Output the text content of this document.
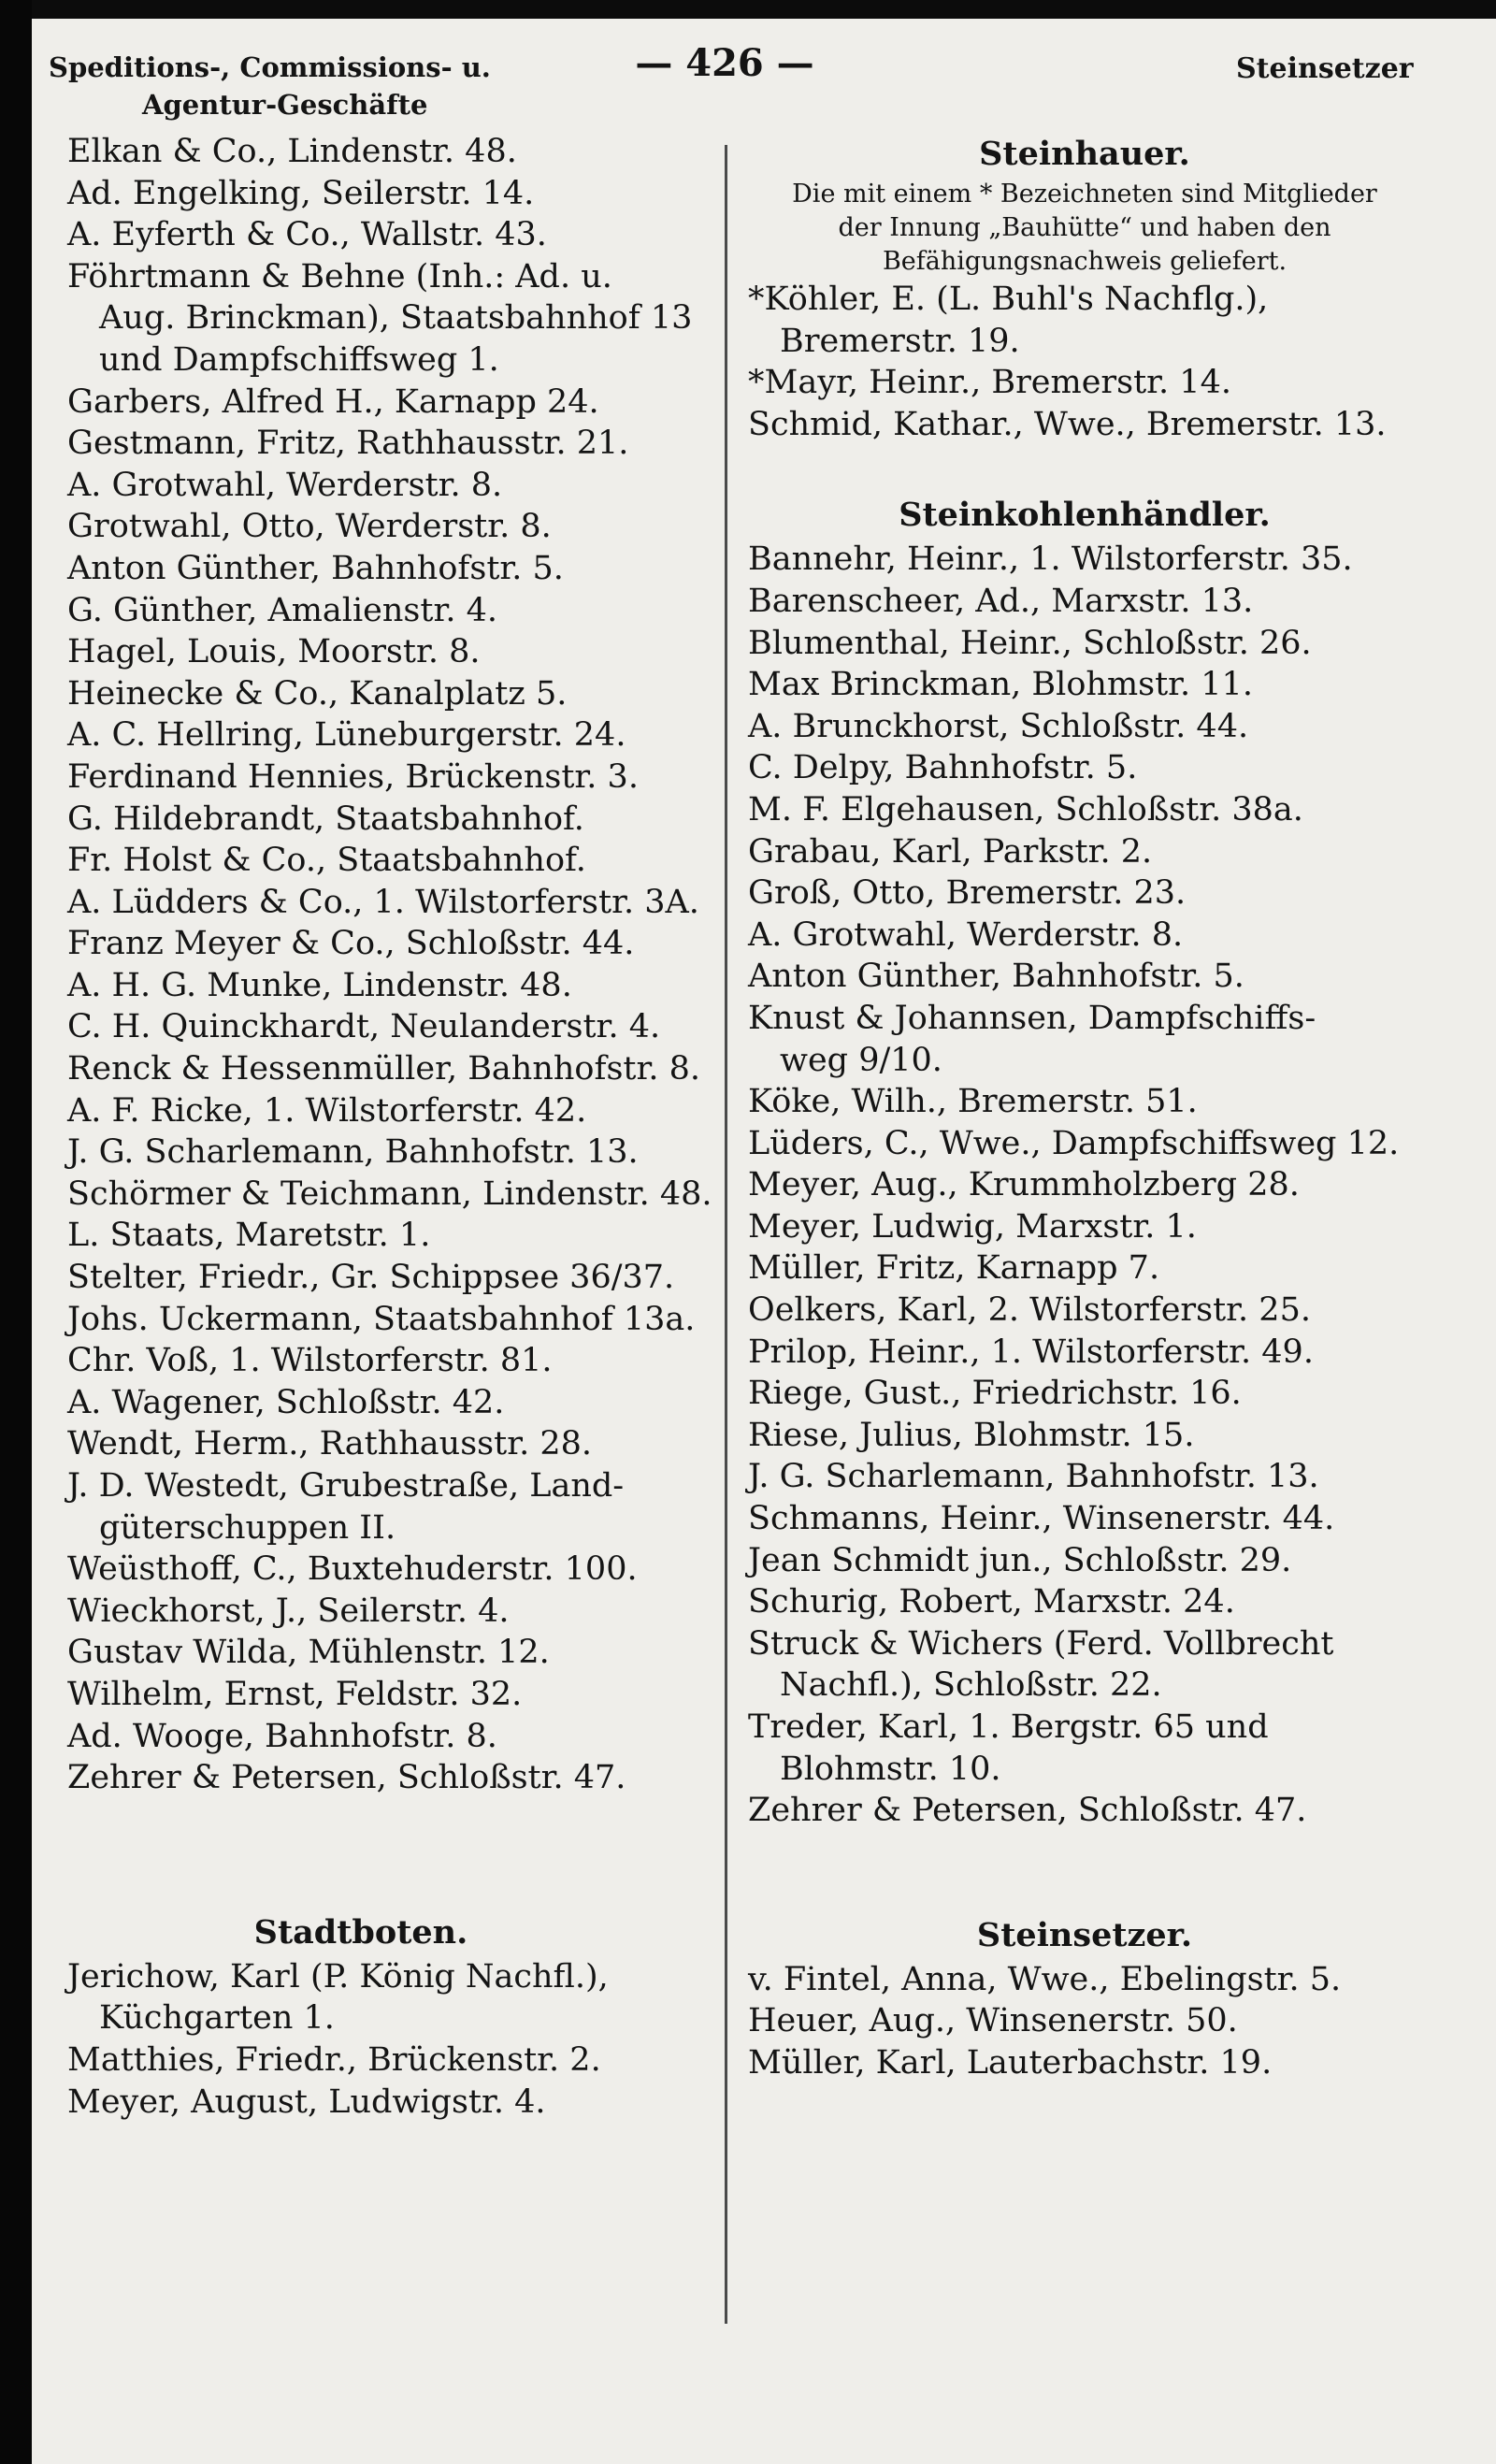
Speditions-, Commissions- u.
Agentur-Geschäfte
— 426 —	Steinsetzer
Elkan & Co., Lindenstr. 48.
Ad. Engelking, Seilerstr. 14.
A. Eyferth & Co., Wallstr. 43.
Föhrtmann & Behne (Inh.: Ad. u.
Aug. Brinckman), Staatsbahnhof 13
und Dampfschiffsweg 1.
Garbers, Alfred H., Karnapp 24.
Gestmann, Fritz, Rathhausstr. 21.
A. Grotwahl, Werderstr. 8.
Grotwahl, Otto, Werderstr. 8.
Anton Günther, Bahnhofstr. 5.
G. Günther, Amalienstr. 4.
Hagel, Louis, Moorstr. 8.
Heinecke & Co., Kanalplatz 5.
A. C. Hellring, Lüneburgerstr. 24.
Ferdinand Hennies, Brückenstr. 3.
G. Hildebrandt, Staatsbahnhof.
Fr. Holst & Co., Staatsbahnhof.
A. Lüdders & Co., 1. Wilstorferstr. 3A.
Franz Meyer & Co., Schloßstr. 44.
A. H. G. Munke, Lindenstr. 48.
C. H. Quinckhardt, Neulanderstr. 4.
Renck & Hessenmüller, Bahnhofstr. 8.
A. F. Ricke, 1. Wilstorferstr. 42.
J. G. Scharlemann, Bahnhofstr. 13.
Schörmer & Teichmann, Lindenstr. 48.
L. Staats, Maretstr. 1.
Stelter, Friedr., Gr. Schippsee 36/37.
Johs. Uckermann, Staatsbahnhof 13a.
Chr. Voß, 1. Wilstorferstr. 81.
A. Wagener, Schloßstr. 42.
Wendt, Herm., Rathhausstr. 28.
J. D. Westedt, Grubestraße, Land-
güterschuppen II.
Weüsthoff, C., Buxtehuderstr. 100.
Wieckhorst, J., Seilerstr. 4.
Gustav Wilda, Mühlenstr. 12.
Wilhelm, Ernst, Feldstr. 32.
Ad. Wooge, Bahnhofstr. 8.
Zehrer & Petersen, Schloßstr. 47.
Stadtboten.
Jerichow, Karl (P. König Nachfl.),
Küchgarten 1.
Matthies, Friedr., Brückenstr. 2.
Meyer, August, Ludwigstr. 4.
Steinhauer.
Die mit einem * Bezeichneten sind Mitglieder
der Innung „Bauhütte“ und haben den
Befähigungsnachweis geliefert.
*Köhler, E. (L. Buhl's Nachflg.),
Bremerstr. 19.
*Mayr, Heinr., Bremerstr. 14.
Schmid, Kathar., Wwe., Bremerstr. 13.
Steinkohlenhändler.
Bannehr, Heinr., 1. Wilstorferstr. 35.
Barenscheer, Ad., Marxstr. 13.
Blumenthal, Heinr., Schloßstr. 26.
Max Brinckman, Blohmstr. 11.
A. Brunckhorst, Schloßstr. 44.
C. Delpy, Bahnhofstr. 5.
M. F. Elgehausen, Schloßstr. 38a.
Grabau, Karl, Parkstr. 2.
Groß, Otto, Bremerstr. 23.
A. Grotwahl, Werderstr. 8.
Anton Günther, Bahnhofstr. 5.
Knust & Johannsen, Dampfschiffs-
weg 9/10.
Köke, Wilh., Bremerstr. 51.
Lüders, C., Wwe., Dampfschiffsweg 12.
Meyer, Aug., Krummholzberg 28.
Meyer, Ludwig, Marxstr. 1.
Müller, Fritz, Karnapp 7.
Oelkers, Karl, 2. Wilstorferstr. 25.
Prilop, Heinr., 1. Wilstorferstr. 49.
Riege, Gust., Friedrichstr. 16.
Riese, Julius, Blohmstr. 15.
J. G. Scharlemann, Bahnhofstr. 13.
Schmanns, Heinr., Winsenerstr. 44.
Jean Schmidt jun., Schloßstr. 29.
Schurig, Robert, Marxstr. 24.
Struck & Wichers (Ferd. Vollbrecht
Nachfl.), Schloßstr. 22.
Treder, Karl, 1. Bergstr. 65 und
Blohmstr. 10.
Zehrer & Petersen, Schloßstr. 47.
Steinsetzer.
v. Fintel, Anna, Wwe., Ebelingstr. 5.
Heuer, Aug., Winsenerstr. 50.
Müller, Karl, Lauterbachstr. 19.
